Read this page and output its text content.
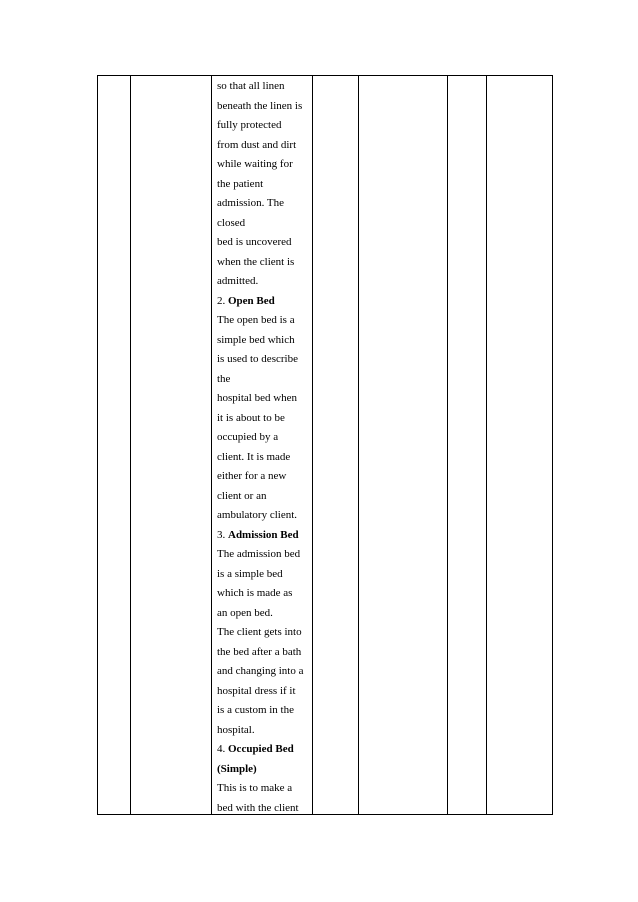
so that all linen
beneath the linen is
fully protected
from dust and dirt
while waiting for
the patient
admission. The
closed
bed is uncovered
when the client is
admitted.
2. Open Bed
The open bed is a
simple bed which
is used to describe
the
hospital bed when
it is about to be
occupied by a
client. It is made
either for a new
client or an
ambulatory client.
3. Admission Bed
The admission bed
is a simple bed
which is made as
an open bed.
The client gets into
the bed after a bath
and changing into a
hospital dress if it
is a custom in the
hospital.
4. Occupied Bed
(Simple)
This is to make a
bed with the client
